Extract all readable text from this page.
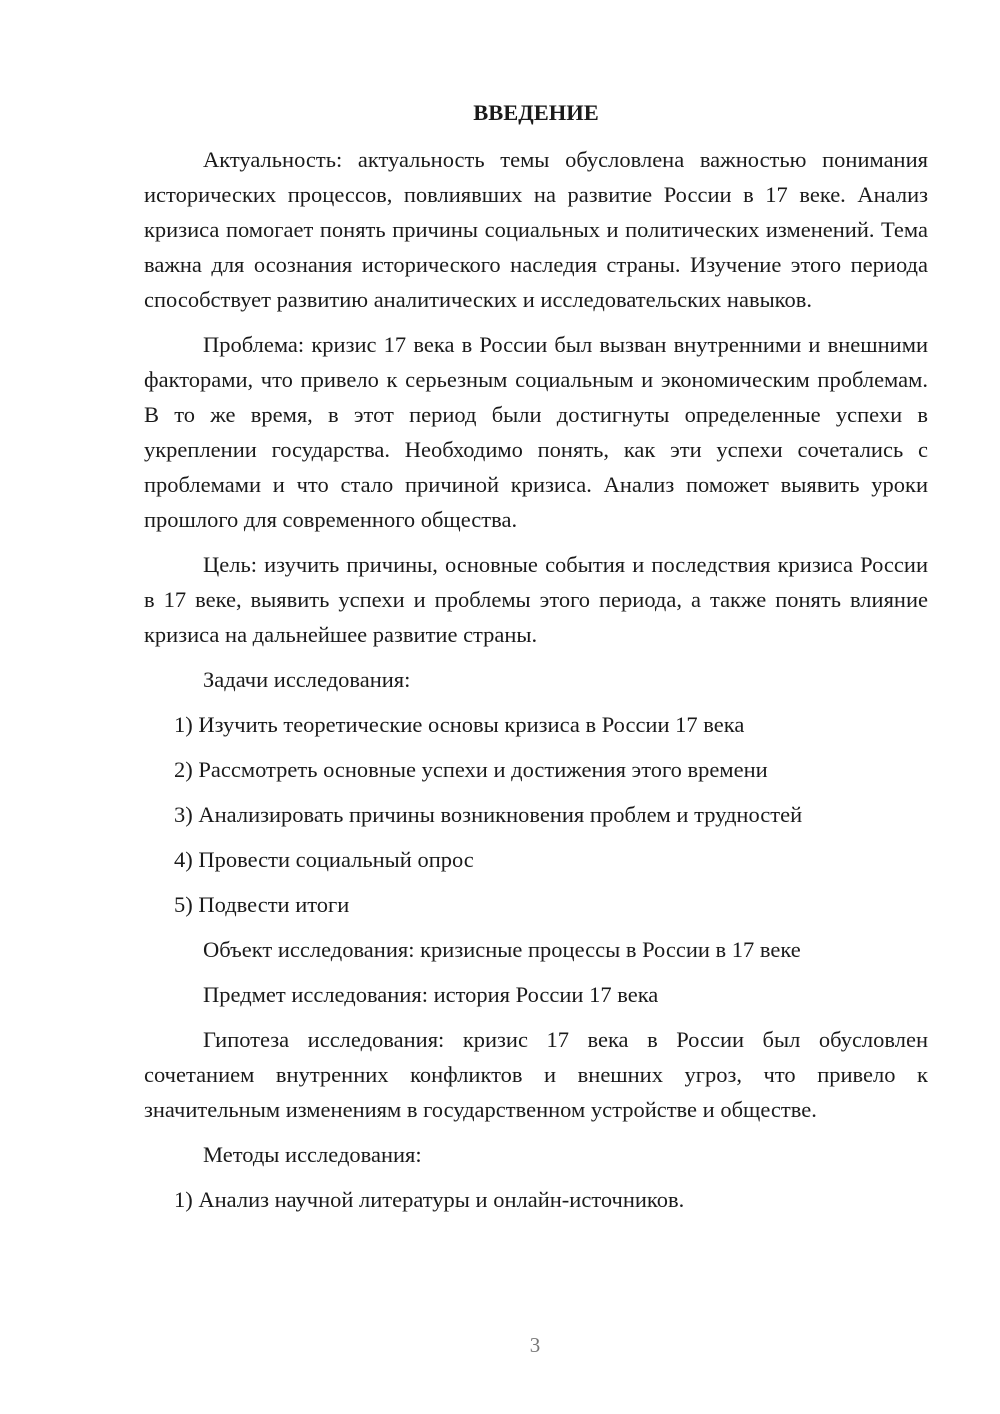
ВВЕДЕНИЕ

Актуальность: актуальность темы обусловлена важностью понимания исторических процессов, повлиявших на развитие России в 17 веке. Анализ кризиса помогает понять причины социальных и политических изменений. Тема важна для осознания исторического наследия страны. Изучение этого периода способствует развитию аналитических и исследовательских навыков.

Проблема: кризис 17 века в России был вызван внутренними и внешними факторами, что привело к серьезным социальным и экономическим проблемам. В то же время, в этот период были достигнуты определенные успехи в укреплении государства. Необходимо понять, как эти успехи сочетались с проблемами и что стало причиной кризиса. Анализ поможет выявить уроки прошлого для современного общества.

Цель: изучить причины, основные события и последствия кризиса России в 17 веке, выявить успехи и проблемы этого периода, а также понять влияние кризиса на дальнейшее развитие страны.

Задачи исследования:
1) Изучить теоретические основы кризиса в России 17 века
2) Рассмотреть основные успехи и достижения этого времени
3) Анализировать причины возникновения проблем и трудностей
4) Провести социальный опрос
5) Подвести итоги
Объект исследования: кризисные процессы в России в 17 веке
Предмет исследования: история России 17 века

Гипотеза исследования: кризис 17 века в России был обусловлен сочетанием внутренних конфликтов и внешних угроз, что привело к значительным изменениям в государственном устройстве и обществе.

Методы исследования:
1) Анализ научной литературы и онлайн-источников.
3
